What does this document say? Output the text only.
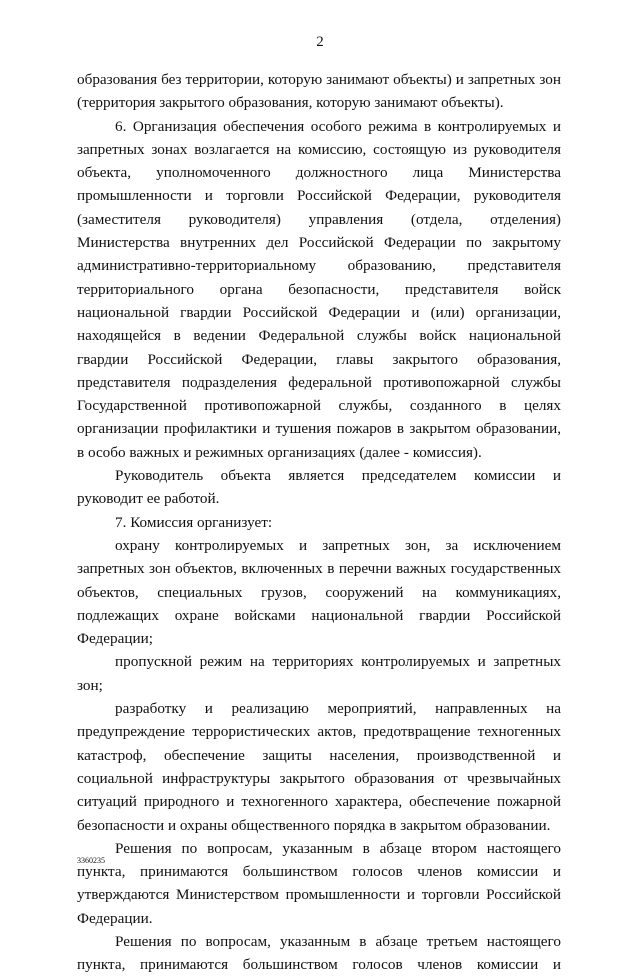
2

образования без территории, которую занимают объекты) и запретных зон (территория закрытого образования, которую занимают объекты).

6. Организация обеспечения особого режима в контролируемых и запретных зонах возлагается на комиссию, состоящую из руководителя объекта, уполномоченного должностного лица Министерства промышленности и торговли Российской Федерации, руководителя (заместителя руководителя) управления (отдела, отделения) Министерства внутренних дел Российской Федерации по закрытому административно-территориальному образованию, представителя территориального органа безопасности, представителя войск национальной гвардии Российской Федерации и (или) организации, находящейся в ведении Федеральной службы войск национальной гвардии Российской Федерации, главы закрытого образования, представителя подразделения федеральной противопожарной службы Государственной противопожарной службы, созданного в целях организации профилактики и тушения пожаров в закрытом образовании, в особо важных и режимных организациях (далее - комиссия).

Руководитель объекта является председателем комиссии и руководит ее работой.

7. Комиссия организует:

охрану контролируемых и запретных зон, за исключением запретных зон объектов, включенных в перечни важных государственных объектов, специальных грузов, сооружений на коммуникациях, подлежащих охране войсками национальной гвардии Российской Федерации;

пропускной режим на территориях контролируемых и запретных зон;

разработку и реализацию мероприятий, направленных на предупреждение террористических актов, предотвращение техногенных катастроф, обеспечение защиты населения, производственной и социальной инфраструктуры закрытого образования от чрезвычайных ситуаций природного и техногенного характера, обеспечение пожарной безопасности и охраны общественного порядка в закрытом образовании.

Решения по вопросам, указанным в абзаце втором настоящего пункта, принимаются большинством голосов членов комиссии и утверждаются Министерством промышленности и торговли Российской Федерации.

Решения по вопросам, указанным в абзаце третьем настоящего пункта, принимаются большинством голосов членов комиссии и

3360235
